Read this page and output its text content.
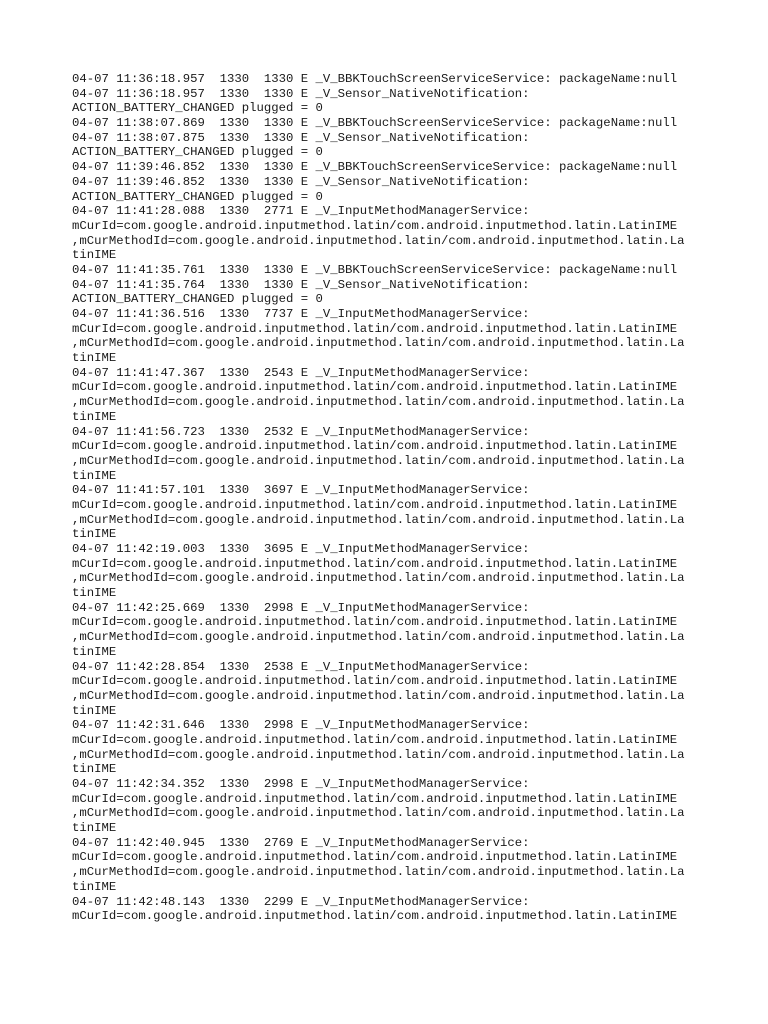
04-07 11:36:18.957  1330  1330 E _V_BBKTouchScreenServiceService: packageName:null
04-07 11:36:18.957  1330  1330 E _V_Sensor_NativeNotification:
ACTION_BATTERY_CHANGED plugged = 0
04-07 11:38:07.869  1330  1330 E _V_BBKTouchScreenServiceService: packageName:null
04-07 11:38:07.875  1330  1330 E _V_Sensor_NativeNotification:
ACTION_BATTERY_CHANGED plugged = 0
04-07 11:39:46.852  1330  1330 E _V_BBKTouchScreenServiceService: packageName:null
04-07 11:39:46.852  1330  1330 E _V_Sensor_NativeNotification:
ACTION_BATTERY_CHANGED plugged = 0
04-07 11:41:28.088  1330  2771 E _V_InputMethodManagerService:
mCurId=com.google.android.inputmethod.latin/com.android.inputmethod.latin.LatinIME
,mCurMethodId=com.google.android.inputmethod.latin/com.android.inputmethod.latin.La
tinIME
04-07 11:41:35.761  1330  1330 E _V_BBKTouchScreenServiceService: packageName:null
04-07 11:41:35.764  1330  1330 E _V_Sensor_NativeNotification:
ACTION_BATTERY_CHANGED plugged = 0
04-07 11:41:36.516  1330  7737 E _V_InputMethodManagerService:
mCurId=com.google.android.inputmethod.latin/com.android.inputmethod.latin.LatinIME
,mCurMethodId=com.google.android.inputmethod.latin/com.android.inputmethod.latin.La
tinIME
04-07 11:41:47.367  1330  2543 E _V_InputMethodManagerService:
mCurId=com.google.android.inputmethod.latin/com.android.inputmethod.latin.LatinIME
,mCurMethodId=com.google.android.inputmethod.latin/com.android.inputmethod.latin.La
tinIME
04-07 11:41:56.723  1330  2532 E _V_InputMethodManagerService:
mCurId=com.google.android.inputmethod.latin/com.android.inputmethod.latin.LatinIME
,mCurMethodId=com.google.android.inputmethod.latin/com.android.inputmethod.latin.La
tinIME
04-07 11:41:57.101  1330  3697 E _V_InputMethodManagerService:
mCurId=com.google.android.inputmethod.latin/com.android.inputmethod.latin.LatinIME
,mCurMethodId=com.google.android.inputmethod.latin/com.android.inputmethod.latin.La
tinIME
04-07 11:42:19.003  1330  3695 E _V_InputMethodManagerService:
mCurId=com.google.android.inputmethod.latin/com.android.inputmethod.latin.LatinIME
,mCurMethodId=com.google.android.inputmethod.latin/com.android.inputmethod.latin.La
tinIME
04-07 11:42:25.669  1330  2998 E _V_InputMethodManagerService:
mCurId=com.google.android.inputmethod.latin/com.android.inputmethod.latin.LatinIME
,mCurMethodId=com.google.android.inputmethod.latin/com.android.inputmethod.latin.La
tinIME
04-07 11:42:28.854  1330  2538 E _V_InputMethodManagerService:
mCurId=com.google.android.inputmethod.latin/com.android.inputmethod.latin.LatinIME
,mCurMethodId=com.google.android.inputmethod.latin/com.android.inputmethod.latin.La
tinIME
04-07 11:42:31.646  1330  2998 E _V_InputMethodManagerService:
mCurId=com.google.android.inputmethod.latin/com.android.inputmethod.latin.LatinIME
,mCurMethodId=com.google.android.inputmethod.latin/com.android.inputmethod.latin.La
tinIME
04-07 11:42:34.352  1330  2998 E _V_InputMethodManagerService:
mCurId=com.google.android.inputmethod.latin/com.android.inputmethod.latin.LatinIME
,mCurMethodId=com.google.android.inputmethod.latin/com.android.inputmethod.latin.La
tinIME
04-07 11:42:40.945  1330  2769 E _V_InputMethodManagerService:
mCurId=com.google.android.inputmethod.latin/com.android.inputmethod.latin.LatinIME
,mCurMethodId=com.google.android.inputmethod.latin/com.android.inputmethod.latin.La
tinIME
04-07 11:42:48.143  1330  2299 E _V_InputMethodManagerService:
mCurId=com.google.android.inputmethod.latin/com.android.inputmethod.latin.LatinIME
